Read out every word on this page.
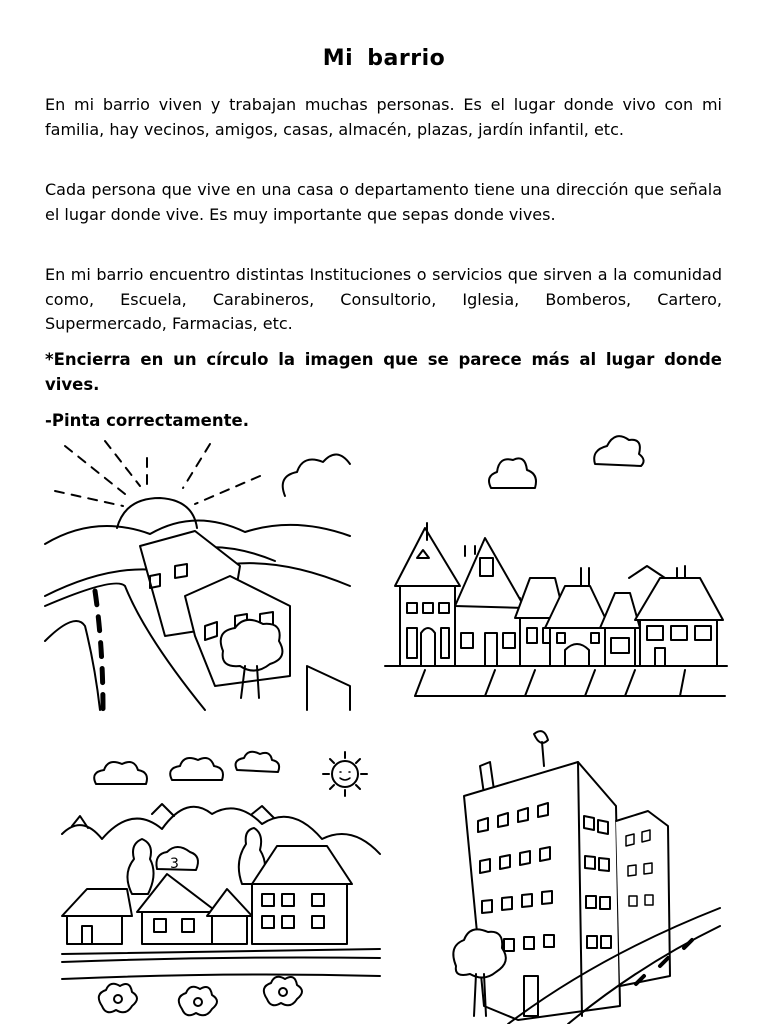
Mi barrio

En mi barrio viven y trabajan muchas personas. Es el lugar donde vivo con mi familia, hay vecinos, amigos, casas, almacén, plazas, jardín infantil, etc.

Cada persona que vive en una casa o departamento tiene una dirección que señala el lugar donde vive. Es muy importante que sepas donde vives.

En mi barrio encuentro distintas Instituciones o servicios que sirven a la comunidad como, Escuela, Carabineros, Consultorio, Iglesia, Bomberos, Cartero, Supermercado, Farmacias, etc.

*Encierra en un círculo la imagen que se parece más al lugar donde vives.

-Pinta correctamente.

3
